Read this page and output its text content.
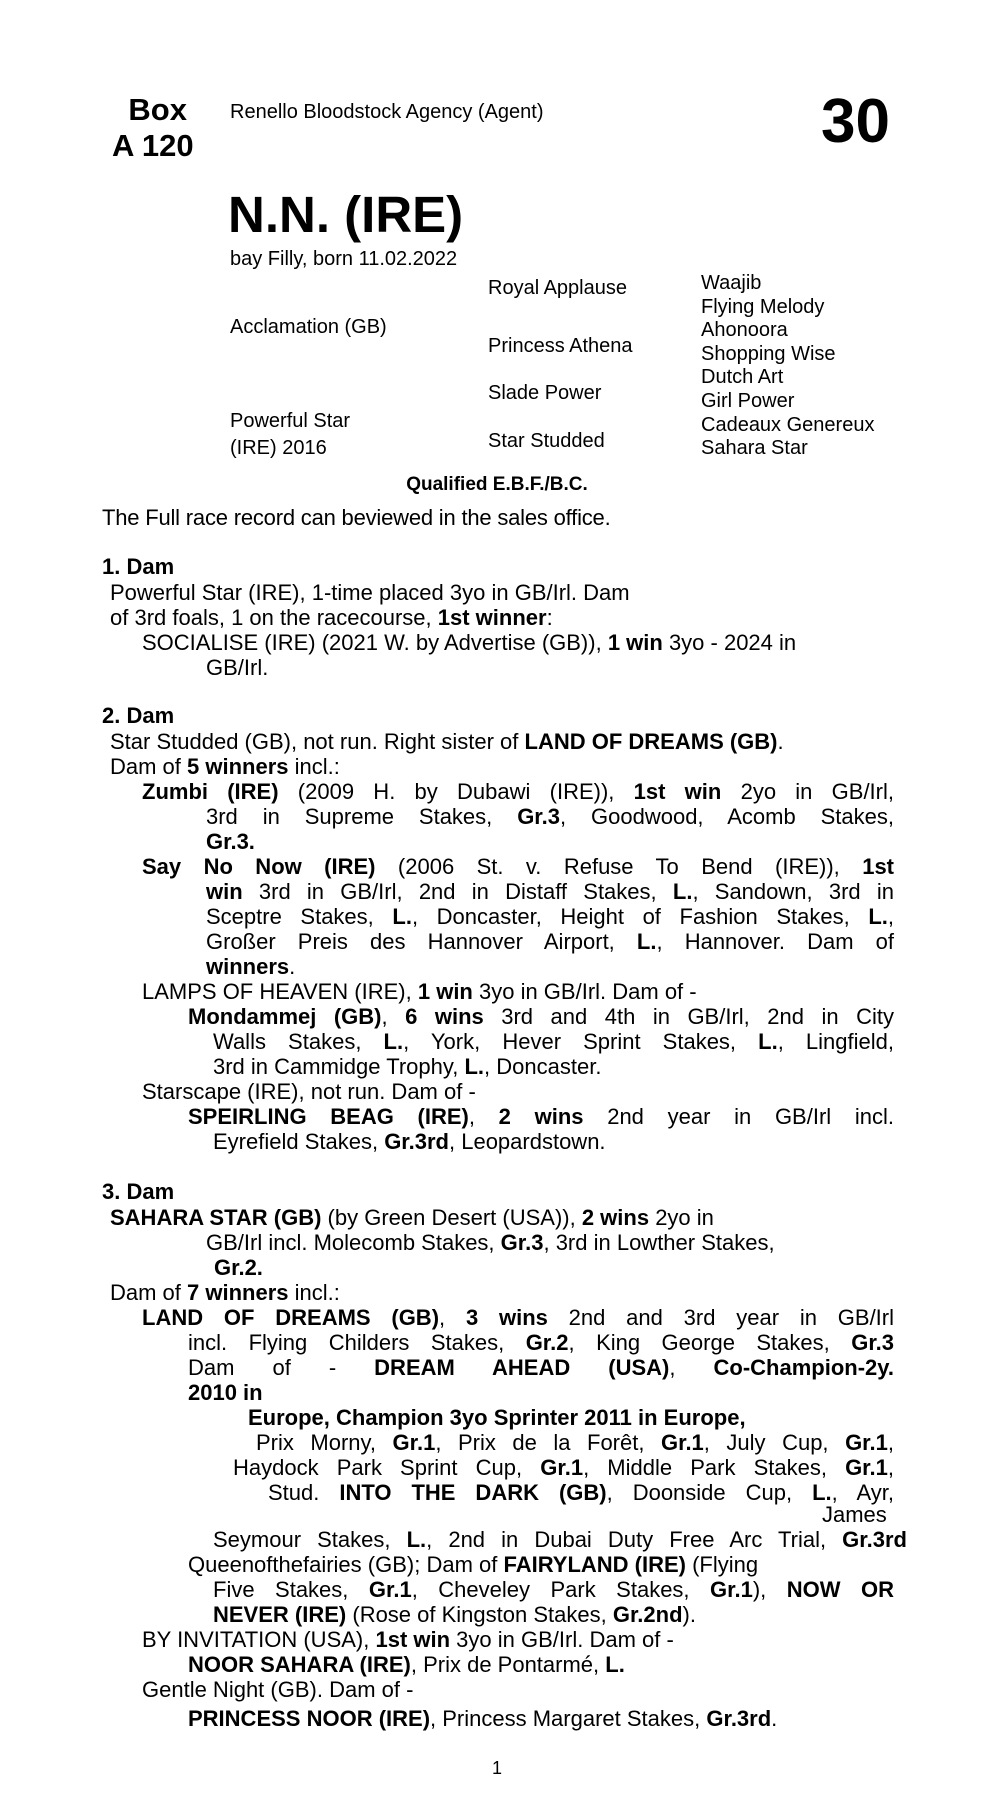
Box
A 120
Renello Bloodstock Agency (Agent)	30
N.N. (IRE)
bay Filly, born 11.02.2022
Acclamation (GB)
Powerful Star
(IRE) 2016
Royal Applause
Princess Athena
Slade Power
Star Studded
Waajib
Flying Melody
Ahonoora
Shopping Wise
Dutch Art
Girl Power
Cadeaux Genereux
Sahara Star
Qualified E.B.F./B.C.
The Full race record can beviewed in the sales office.
1. Dam
Powerful Star (IRE), 1-time placed 3yo in GB/Irl. Dam
of 3rd foals, 1 on the racecourse, 1st winner:
SOCIALISE (IRE) (2021 W. by Advertise (GB)), 1 win 3yo - 2024 in
GB/Irl.
2. Dam
Star Studded (GB), not run. Right sister of LAND OF DREAMS (GB).
Dam of 5 winners incl.:
Zumbi (IRE) (2009 H. by Dubawi (IRE)), 1st win 2yo in GB/Irl,
3rd in Supreme Stakes, Gr.3, Goodwood, Acomb Stakes,
Gr.3.
Say No Now (IRE) (2006 St. v. Refuse To Bend (IRE)), 1st
win 3rd in GB/Irl, 2nd in Distaff Stakes, L., Sandown, 3rd in
Sceptre Stakes, L., Doncaster, Height of Fashion Stakes, L.,
Großer Preis des Hannover Airport, L., Hannover. Dam of
winners.
LAMPS OF HEAVEN (IRE), 1 win 3yo in GB/Irl. Dam of -
Mondammej (GB), 6 wins 3rd and 4th in GB/Irl, 2nd in City
Walls Stakes, L., York, Hever Sprint Stakes, L., Lingfield,
3rd in Cammidge Trophy, L., Doncaster.
Starscape (IRE), not run. Dam of -
SPEIRLING BEAG (IRE), 2 wins 2nd year in GB/Irl incl.
Eyrefield Stakes, Gr.3rd, Leopardstown.
3. Dam
SAHARA STAR (GB) (by Green Desert (USA)), 2 wins 2yo in
GB/Irl incl. Molecomb Stakes, Gr.3, 3rd in Lowther Stakes,
Gr.2.
Dam of 7 winners incl.:
LAND OF DREAMS (GB), 3 wins 2nd and 3rd year in GB/Irl
incl. Flying Childers Stakes, Gr.2, King George Stakes, Gr.3
Dam of - DREAM AHEAD (USA), Co-Champion-2y.
2010 in
Europe, Champion 3yo Sprinter 2011 in Europe,
Prix Morny, Gr.1, Prix de la Forêt, Gr.1, July Cup, Gr.1,
Haydock Park Sprint Cup, Gr.1, Middle Park Stakes, Gr.1,
Stud. INTO THE DARK (GB), Doonside Cup, L., Ayr,
James
Seymour Stakes, L., 2nd in Dubai Duty Free Arc Trial, Gr.3rd
Queenofthefairies (GB); Dam of FAIRYLAND (IRE) (Flying
Five Stakes, Gr.1, Cheveley Park Stakes, Gr.1), NOW OR
NEVER (IRE) (Rose of Kingston Stakes, Gr.2nd).
BY INVITATION (USA), 1st win 3yo in GB/Irl. Dam of -
NOOR SAHARA (IRE), Prix de Pontarmé, L.
Gentle Night (GB). Dam of -
PRINCESS NOOR (IRE), Princess Margaret Stakes, Gr.3rd.
1
